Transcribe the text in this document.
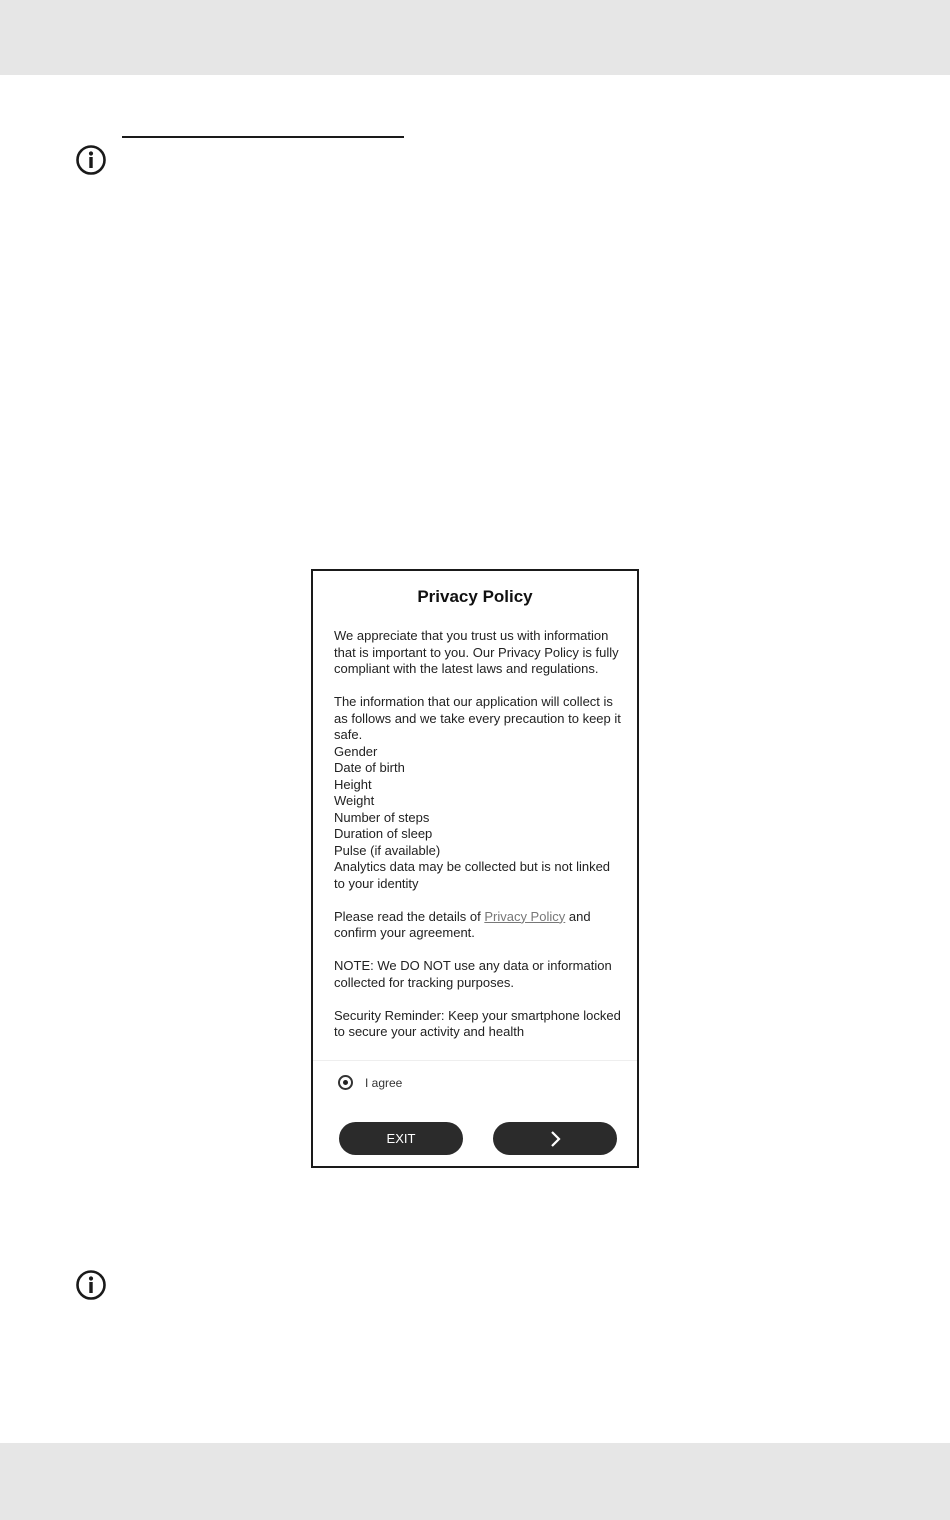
Privacy Policy

We appreciate that you trust us with information that is important to you. Our Privacy Policy is fully compliant with the latest laws and regulations.

The information that our application will collect is as follows and we take every precaution to keep it safe.
Gender
Date of birth
Height
Weight
Number of steps
Duration of sleep
Pulse (if available)
Analytics data may be collected but is not linked to your identity

Please read the details of Privacy Policy and confirm your agreement.

NOTE: We DO NOT use any data or information collected for tracking purposes.

Security Reminder: Keep your smartphone locked to secure your activity and health

I agree
EXIT
